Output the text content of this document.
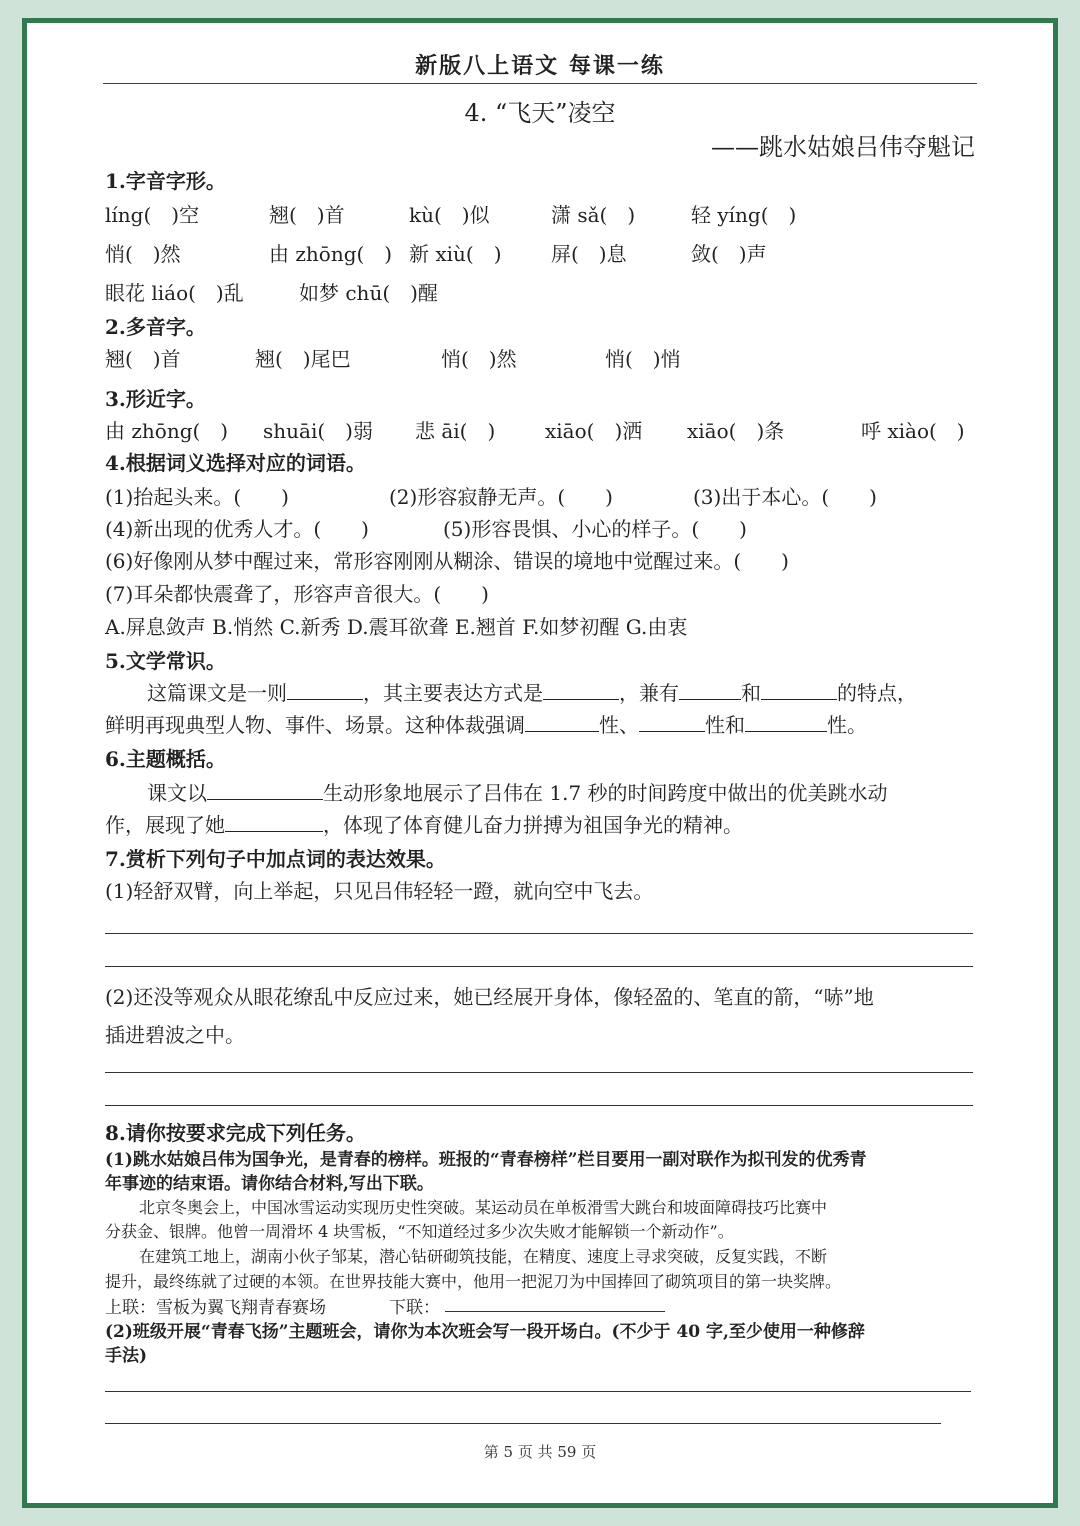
新版八上语文 每课一练
4. “飞天”凌空
——跳水姑娘吕伟夺魁记
1.字音字形。
líng(　)空	翘(　)首	kù(　)似	潇 sǎ(　)	轻 yíng(　)
悄(　)然	由 zhōng(　) 新 xiù(　) 屏(　)息	敛(　)声
眼花 liáo(　)乱	如梦 chū(　)醒
2.多音字。
翘(　)首	翘(　)尾巴	悄(　)然	悄(　)悄
3.形近字。
由 zhōng(　) shuāi(　)弱 悲 āi(　) xiāo(　)洒 xiāo(　)条	呼 xiào(　)
4.根据词义选择对应的词语。
(1)抬起头来。(　　)	(2)形容寂静无声。(　　)	(3)出于本心。(　　)
(4)新出现的优秀人才。(　　)	(5)形容畏惧、小心的样子。(　　)
(6)好像刚从梦中醒过来，常形容刚刚从糊涂、错误的境地中觉醒过来。(　　)
(7)耳朵都快震聋了，形容声音很大。(　　)
A.屏息敛声 B.悄然 C.新秀 D.震耳欲聋 E.翘首 F.如梦初醒 G.由衷
5.文学常识。
这篇课文是一则	，其主要表达方式是	，兼有	和	的特点，
鲜明再现典型人物、事件、场景。这种体裁强调	性、	性和	性。
6.主题概括。
课文以	生动形象地展示了吕伟在 1.7 秒的时间跨度中做出的优美跳水动
作，展现了她	，体现了体育健儿奋力拼搏为祖国争光的精神。
7.赏析下列句子中加点词的表达效果。
(1)轻舒双臂，向上举起，只见吕伟轻轻一蹬，就向空中飞去。
(2)还没等观众从眼花缭乱中反应过来，她已经展开身体，像轻盈的、笔直的箭，“哧”地
插进碧波之中。
8.请你按要求完成下列任务。
(1)跳水姑娘吕伟为国争光，是青春的榜样。班报的“青春榜样”栏目要用一副对联作为拟刊发的优秀青
年事迹的结束语。请你结合材料,写出下联。
北京冬奥会上，中国冰雪运动实现历史性突破。某运动员在单板滑雪大跳台和坡面障碍技巧比赛中
分获金、银牌。他曾一周滑坏 4 块雪板，“不知道经过多少次失败才能解锁一个新动作”。
在建筑工地上，湖南小伙子邹某，潜心钻研砌筑技能，在精度、速度上寻求突破，反复实践，不断
提升，最终练就了过硬的本领。在世界技能大赛中，他用一把泥刀为中国捧回了砌筑项目的第一块奖牌。
上联：雪板为翼飞翔青春赛场	下联：
(2)班级开展“青春飞扬”主题班会，请你为本次班会写一段开场白。(不少于 40 字,至少使用一种修辞
手法)
第 5 页 共 59 页
